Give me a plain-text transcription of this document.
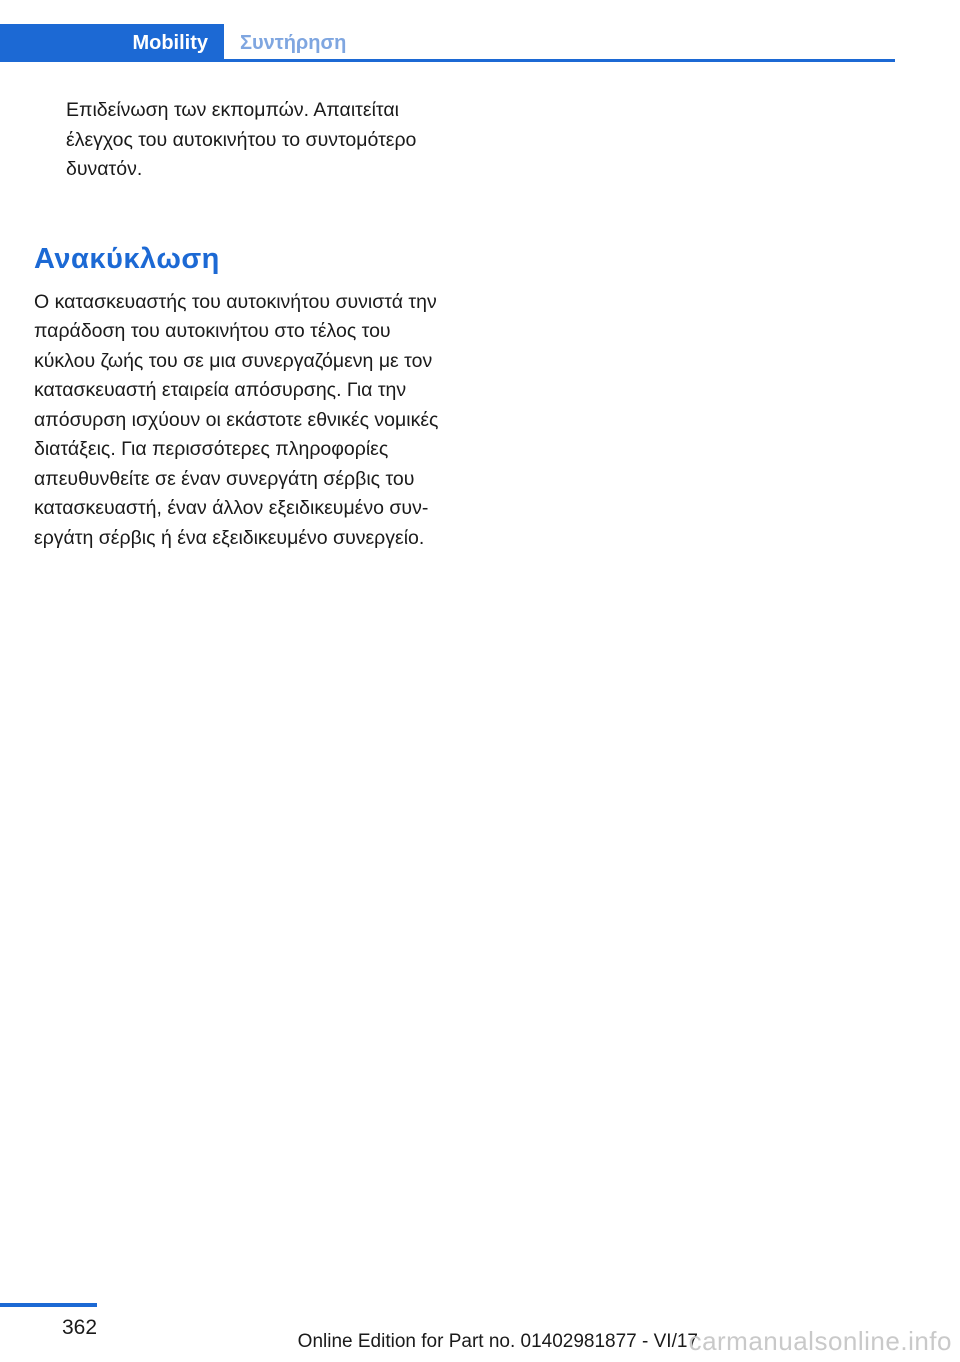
Mobility Συντήρηση

Επιδείνωση των εκπομπών. Απαιτείται έλεγχος του αυτοκινήτου το συντομότερο δυνατόν.

Ανακύκλωση

Ο κατασκευαστής του αυτοκινήτου συνιστά την παράδοση του αυτοκινήτου στο τέλος του κύκλου ζωής του σε μια συνεργαζόμενη με τον κατασκευαστή εταιρεία απόσυρσης. Για την απόσυρση ισχύουν οι εκάστοτε εθνικές νομικές διατάξεις. Για περισσότερες πληροφορίες απευθυνθείτε σε έναν συνεργάτη σέρβις του κατασκευαστή, έναν άλλον εξειδικευμένο συνεργάτη σέρβις ή ένα εξειδικευμένο συνεργείο.

362
Online Edition for Part no. 01402981877 - VI/17
carmanualsonline.info
